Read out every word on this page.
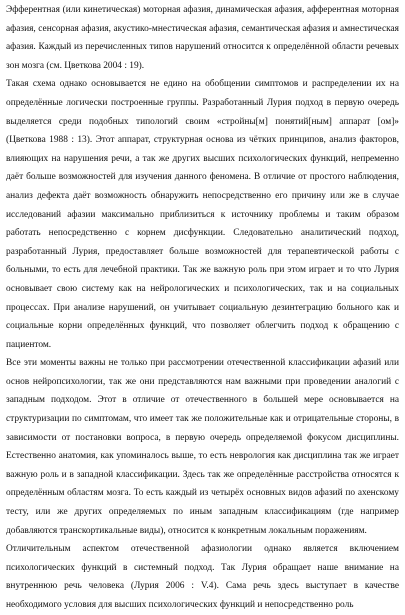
Эфферентная (или кинетическая) моторная афазия, динамическая афазия, афферентная моторная афазия, сенсорная афазия, акустико-мнестическая афазия, семантическая афазия и амнестическая афазия. Каждый из перечисленных типов нарушений относится к определённой области речевых зон мозга (см. Цветкова 2004 : 19).

Такая схема однако основывается не едино на обобщении симптомов и распределении их на определённые логически построенные группы. Разработанный Лурия подход в первую очередь выделяется среди подобных типологий своим «стройны[м] понятий[ным] аппарат [ом]» (Цветкова 1988 : 13). Этот аппарат, структурная основа из чётких принципов, анализ факторов, влияющих на нарушения речи, а так же других высших психологических функций, непременно даёт больше возможностей для изучения данного феномена. В отличие от простого наблюдения, анализ дефекта даёт возможность обнаружить непосредственно его причину или же в случае исследований афазии максимально приблизиться к источнику проблемы и таким образом работать непосредственно с корнем дисфункции. Следовательно аналитический подход, разработанный Лурия, предоставляет больше возможностей для терапевтической работы с больными, то есть для лечебной практики. Так же важную роль при этом играет и то что Лурия основывает свою систему как на нейрологических и психологических, так и на социальных процессах. При анализе нарушений, он учитывает социальную дезинтеграцию больного как и социальные корни определённых функций, что позволяет облегчить подход к обращению с пациентом.

Все эти моменты важны не только при рассмотрении отечественной классификации афазий или основ нейропсихологии, так же они представляются нам важными при проведении аналогий с западным подходом. Этот в отличие от отечественного в большей мере основывается на структуризации по симптомам, что имеет так же положительные как и отрицательные стороны, в зависимости от постановки вопроса, в первую очередь определяемой фокусом дисциплины. Естественно анатомия, как упоминалось выше, то есть неврология как дисциплина так же играет важную роль и в западной классификации. Здесь так же определённые расстройства относятся к определённым областям мозга. То есть каждый из четырёх основных видов афазий по ахенскому тесту, или же других определяемых по иным западным классификациям (где например добавляются транскортикальные виды), относится к конкретным локальным поражениям.

Отличительным аспектом отечественной афазиологии однако является включением психологических функций в системный подход. Так Лурия обращает наше внимание на внутреннюю речь человека (Лурия 2006 : V.4). Сама речь здесь выступает в качестве необходимого условия для высших психологических функций и непосредственно роль
